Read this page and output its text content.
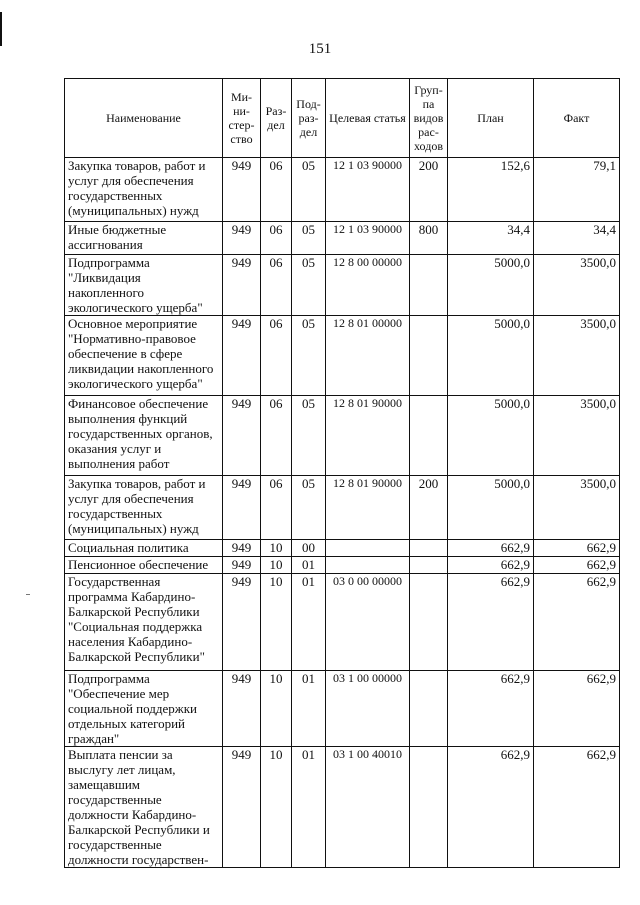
151
Наименование	Ми-ни-стер-ство	Раз-дел	Под-раз-дел	Целевая статья	Груп-па видов рас-ходов	План	Факт
Закупка товаров, работ и услуг для обеспечения государственных (муниципальных) нужд	949	06	05	12 1 03 90000	200	152,6	79,1
Иные бюджетные ассигнования	949	06	05	12 1 03 90000	800	34,4	34,4
Подпрограмма "Ликвидация накопленного экологического ущерба"	949	06	05	12 8 00 00000		5000,0	3500,0
Основное мероприятие "Нормативно-правовое обеспечение в сфере ликвидации накопленного экологического ущерба"	949	06	05	12 8 01 00000		5000,0	3500,0
Финансовое обеспечение выполнения функций государственных органов, оказания услуг и выполнения работ	949	06	05	12 8 01 90000		5000,0	3500,0
Закупка товаров, работ и услуг для обеспечения государственных (муниципальных) нужд	949	06	05	12 8 01 90000	200	5000,0	3500,0
Социальная политика	949	10	00			662,9	662,9
Пенсионное обеспечение	949	10	01			662,9	662,9
Государственная программа Кабардино-Балкарской Республики "Социальная поддержка населения Кабардино-Балкарской Республики"	949	10	01	03 0 00 00000		662,9	662,9
Подпрограмма "Обеспечение мер социальной поддержки отдельных категорий граждан"	949	10	01	03 1 00 00000		662,9	662,9
Выплата пенсии за выслугу лет лицам, замещавшим государственные должности Кабардино-Балкарской Республики и государственные должности государствен-	949	10	01	03 1 00 40010		662,9	662,9
